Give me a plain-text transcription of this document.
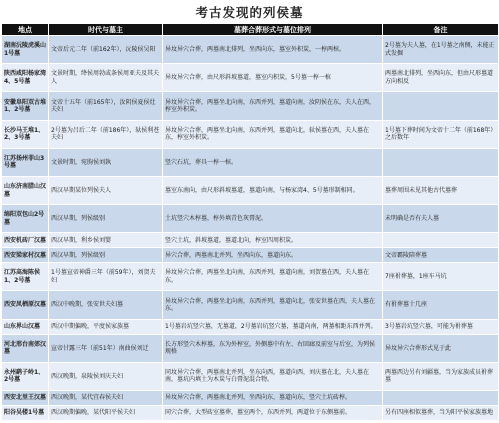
考古发现的列侯墓
地点	时代与墓主	墓葬合葬形式与墓位排列	备注
湖南沅陵虎溪山1号墓	文帝后元二年（前162年），沅陵侯吴阳	异坟异穴合葬，两墓南北排列，坐西向东，墓室外积炭，一椁两棺。	2号墓为夫人墓，在1号墓之南侧，未能正式发掘
陕西咸阳杨家湾4、5号墓	文景时期，绛侯周勃或条侯周亚夫及其夫人	异坟异穴合葬，由尺形斜坡墓道，墓室内积炭，5号墓一椁一棺	两墓南北排列，坐西向东，但由尺形墓道方向相反
安徽阜阳双古堆1、2号墓	文帝十五年（前165年），汝阴侯夏侯灶夫妇	异坟异穴合葬，两墓坐北向南，东西并列，墓道向南，汝阴侯在东，夫人在西，椁室外积炭。	
长沙马王堆1、2、3号墓	2号墓为吕后二年（前186年），轪侯利苍夫妇	异坟异穴合葬，两墓坐北向南，东西并列，墓道向北，轪侯墓在西，夫人墓在东，椁室外积炭。	1号墓下葬时间为文帝十二年（前168年）之后数年
江苏扬州菲山3号墓	文景时期，宛朐侯刘埶	竖穴石坑，葬具一椁一棺。	
山东济南腊山汉墓	西汉早期某位列侯夫人	墓室东南向，由尺形斜坡墓道，墓道向南，与杨家湾4、5号墓形制相同。	墓葬周围未见其他古代墓葬
绵阳双包山2号墓	西汉早期，列侯级别	土坑竖穴木椁墓，椁外填青色灰膏泥。	未明确是否有夫人墓
西安机砖厂汉墓	西汉早期，利乡侯刘婴	竖穴土坑，斜坡墓道，墓道北向，椁室四周积炭。	
西安梁家村汉墓	西汉早期，列侯级别	异穴合葬，两墓南北并列，坐西向东，墓道向东。	文帝霸陵陪葬墓
江苏高海陈侯1、2号墓	1号墓宣帝神爵三年（前59年），刘贺夫妇	异坟异穴合葬，两墓坐北向南，东西并列，墓道向南，刘贺墓在西，夫人墓在东。	7座祔葬墓，1座车马坑
西安凤栖原汉墓	西汉中晚期，张安世夫妇墓	异坟异穴合葬，两墓坐北向南，东西并列，墓道向北，张安世墓在西，夫人墓在东。	有祔葬墓十几座
山东界山汉墓	西汉中期偏晚，平度侯家族墓	1号墓岩坑竖穴墓，无墓道，2号墓岩坑竖穴墓，墓道向南，两墓相距东西并列。	3号墓岩坑竖穴墓，可能为祔葬墓
河北邢台南郊汉墓	宣帝甘露三年（前51年）南曲侯刘迁	长方形竖穴木椁墓，东为外椁室，外侧墓中有左、右回廊及前室与后室，为列侯规格	异坟异穴合葬形式见于此
永州鹞子岭1、2号墓	西汉晚期，泉陵侯刘庆夫妇	同坟异穴合葬，两墓南北并列，坐东向西，墓道向西，刘庆墓在北，夫人墓在南，墓坑内填土为木炭与白膏泥混合物。	两墓西边另有刘疆墓，当为家族成员祔葬墓
西安北里王汉墓	西汉晚期，某代宜春侯夫妇	异坟异穴合葬，两墓南北并列，坐西向东，墓道向东，竖穴土坑砖椁。	
阳谷吴楼1号墓	西汉晚期偏晚，某代阳平侯夫妇	同穴合葬，大型砖室墓葬，墓室两个，东西并列，两道位于东侧墓前。	另有四座相似墓葬，当为阳平侯家族墓地
